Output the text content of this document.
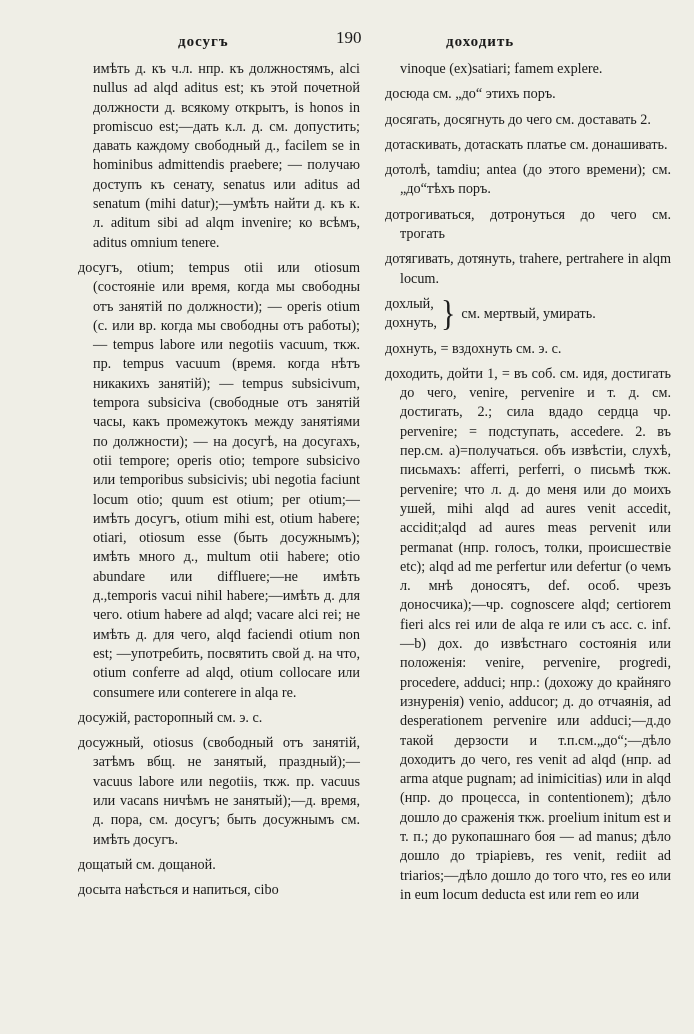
досугъ	190	доходить

имѣть д. къ ч.л. нпр. къ должностямъ, alci nullus ad alqd aditus est; къ этой почетной должности д. всякому открытъ, is honos in promiscuo est;—дать к.л. д. см. допустить; давать каждому свободный д., facilem se in hominibus admittendis praebere; — получаю доступъ къ сенату, senatus или aditus ad senatum (mihi datur);—умѣть найти д. къ к. л. aditum sibi ad alqm invenire; ко всѣмъ, aditus omnium tenere.

досугъ, otium; tempus otii или otiosum (состояніе или время, когда мы свободны отъ занятій по должности); — operis otium (с. или вр. когда мы свободны отъ работы); — tempus labore или negotiis vacuum, ткж. пр. tempus vacuum (время. когда нѣтъ никакихъ занятій); — tempus subsicivum, tempora subsiciva (свободные отъ занятій часы, какъ промежутокъ между занятіями по должности); — на досугѣ, на досугахъ, otii tempore; operis otio; tempore subsicivo или temporibus subsicivis; ubi negotia faciunt locum otio; quum est otium; per otium;—имѣть досугъ, otium mihi est, otium habere; otiari, otiosum esse (быть досужнымъ); имѣть много д., multum otii habere; otio abundare или diffluere;—не имѣть д.,temporis vacui nihil habere;—имѣть д. для чего. otium habere ad alqd; vacare alci rei; не имѣть д. для чего, alqd faciendi otium non est; —употребить, посвятить свой д. на что, otium conferre ad alqd, otium collocare или consumere или conterere in alqa re.

досужій, расторопный см. э. с.

досужный, otiosus (свободный отъ занятій, затѣмъ вбщ. не занятый, праздный);—vacuus labore или negotiis, ткж. пр. vacuus или vacans ничѣмъ не занятый);—д. время, д. пора, см. досугъ; быть досужнымъ см. имѣть досугъ.

дощатый см. дощаной.

досыта наѣсться и напиться, cibo

vinoque (ex)satiari; famem explere.

досюда см. „до“ этихъ поръ.

досягать, досягнуть до чего см. доставать 2.

дотаскивать, дотаскать платье см. донашивать.

дотолѣ, tamdiu; antea (до этого времени); см. „до“тѣхъ поръ.

дотрогиваться, дотронуться до чего см. трогать

дотягивать, дотянуть, trahere, pertrahere in alqm locum.

дохлый,
дохнуть, } см. мертвый, умирать.

дохнуть, = вздохнуть см. э. с.

доходить, дойти 1, = въ соб. см. идя, достигать до чего, venire, pervenire и т. д. см. достигать, 2.; сила вдадо сердца чр. pervenire; = подступать, accedere. 2. въ пер.см. а)=получаться. объ извѣстіи, слухѣ, письмахъ: afferri, perferri, о письмѣ ткж. pervenire; что л. д. до меня или до моихъ ушей, mihi alqd ad aures venit accedit, accidit;alqd ad aures meas pervenit или permanat (нпр. голосъ, толки, происшествіе etc); alqd ad me perfertur или defertur (о чемъ л. мнѣ доносятъ, def. особ. чрезъ доносчика);—чр. cognoscere alqd; certiorem fieri alcs rei или de alqa re или съ acc. c. inf.—b) дох. до извѣстнаго состоянія или положенія: venire, pervenire, progredi, procedere, adduci; нпр.: (дохожу до крайняго изнуренія) venio, adducor; д. до отчаянія, ad desperationem pervenire или adduci;—д.до такой дерзости и т.п.см.„до“;—дѣло доходитъ до чего, res venit ad alqd (нпр. ad arma atque pugnam; ad inimicitias) или in alqd (нпр. до процесса, in contentionem); дѣло дошло до сраженія ткж. proelium initum est и т. п.; до рукопашнаго боя — ad manus; дѣло дошло до тріаріевъ, res venit, rediit ad triarios;—дѣло дошло до того что, res eo или in eum locum deducta est или rem eo или
